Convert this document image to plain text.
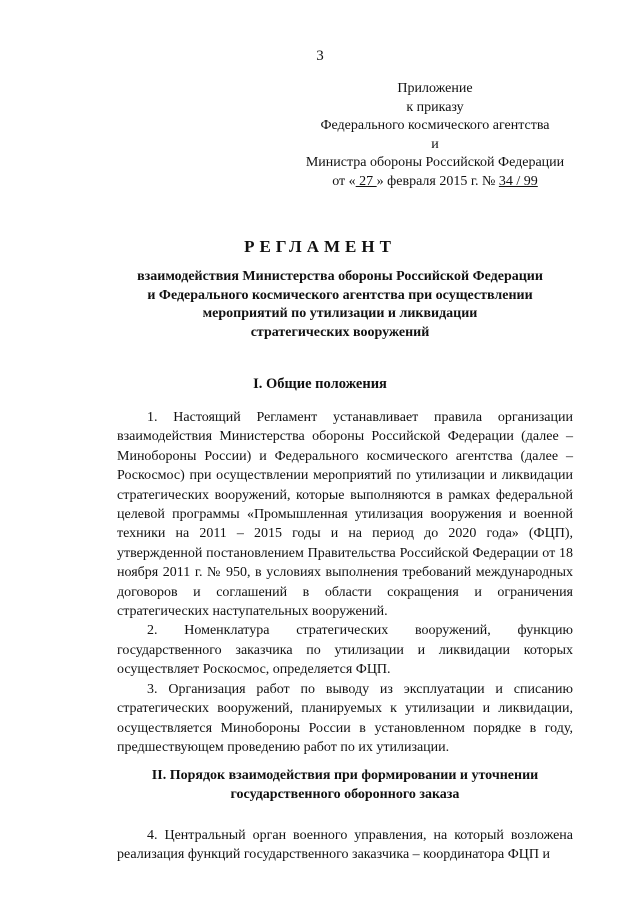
3
Приложение
к приказу
Федерального космического агентства
и
Министра обороны Российской Федерации
от « 27 » февраля 2015 г. № 34 / 99
РЕГЛАМЕНТ
взаимодействия Министерства обороны Российской Федерации
и Федерального космического агентства при осуществлении
мероприятий по утилизации и ликвидации
стратегических вооружений
I. Общие положения

1. Настоящий Регламент устанавливает правила организации взаимодействия Министерства обороны Российской Федерации (далее – Минобороны России) и Федерального космического агентства (далее – Роскосмос) при осуществлении мероприятий по утилизации и ликвидации стратегических вооружений, которые выполняются в рамках федеральной целевой программы «Промышленная утилизация вооружения и военной техники на 2011 – 2015 годы и на период до 2020 года» (ФЦП), утвержденной постановлением Правительства Российской Федерации от 18 ноября 2011 г. № 950, в условиях выполнения требований международных договоров и соглашений в области сокращения и ограничения стратегических наступательных вооружений.

2. Номенклатура стратегических вооружений, функцию государственного заказчика по утилизации и ликвидации которых осуществляет Роскосмос, определяется ФЦП.

3. Организация работ по выводу из эксплуатации и списанию стратегических вооружений, планируемых к утилизации и ликвидации, осуществляется Минобороны России в установленном порядке в году, предшествующем проведению работ по их утилизации.

II. Порядок взаимодействия при формировании и уточнении
государственного оборонного заказа

4. Центральный орган военного управления, на который возложена реализация функций государственного заказчика – координатора ФЦП и
